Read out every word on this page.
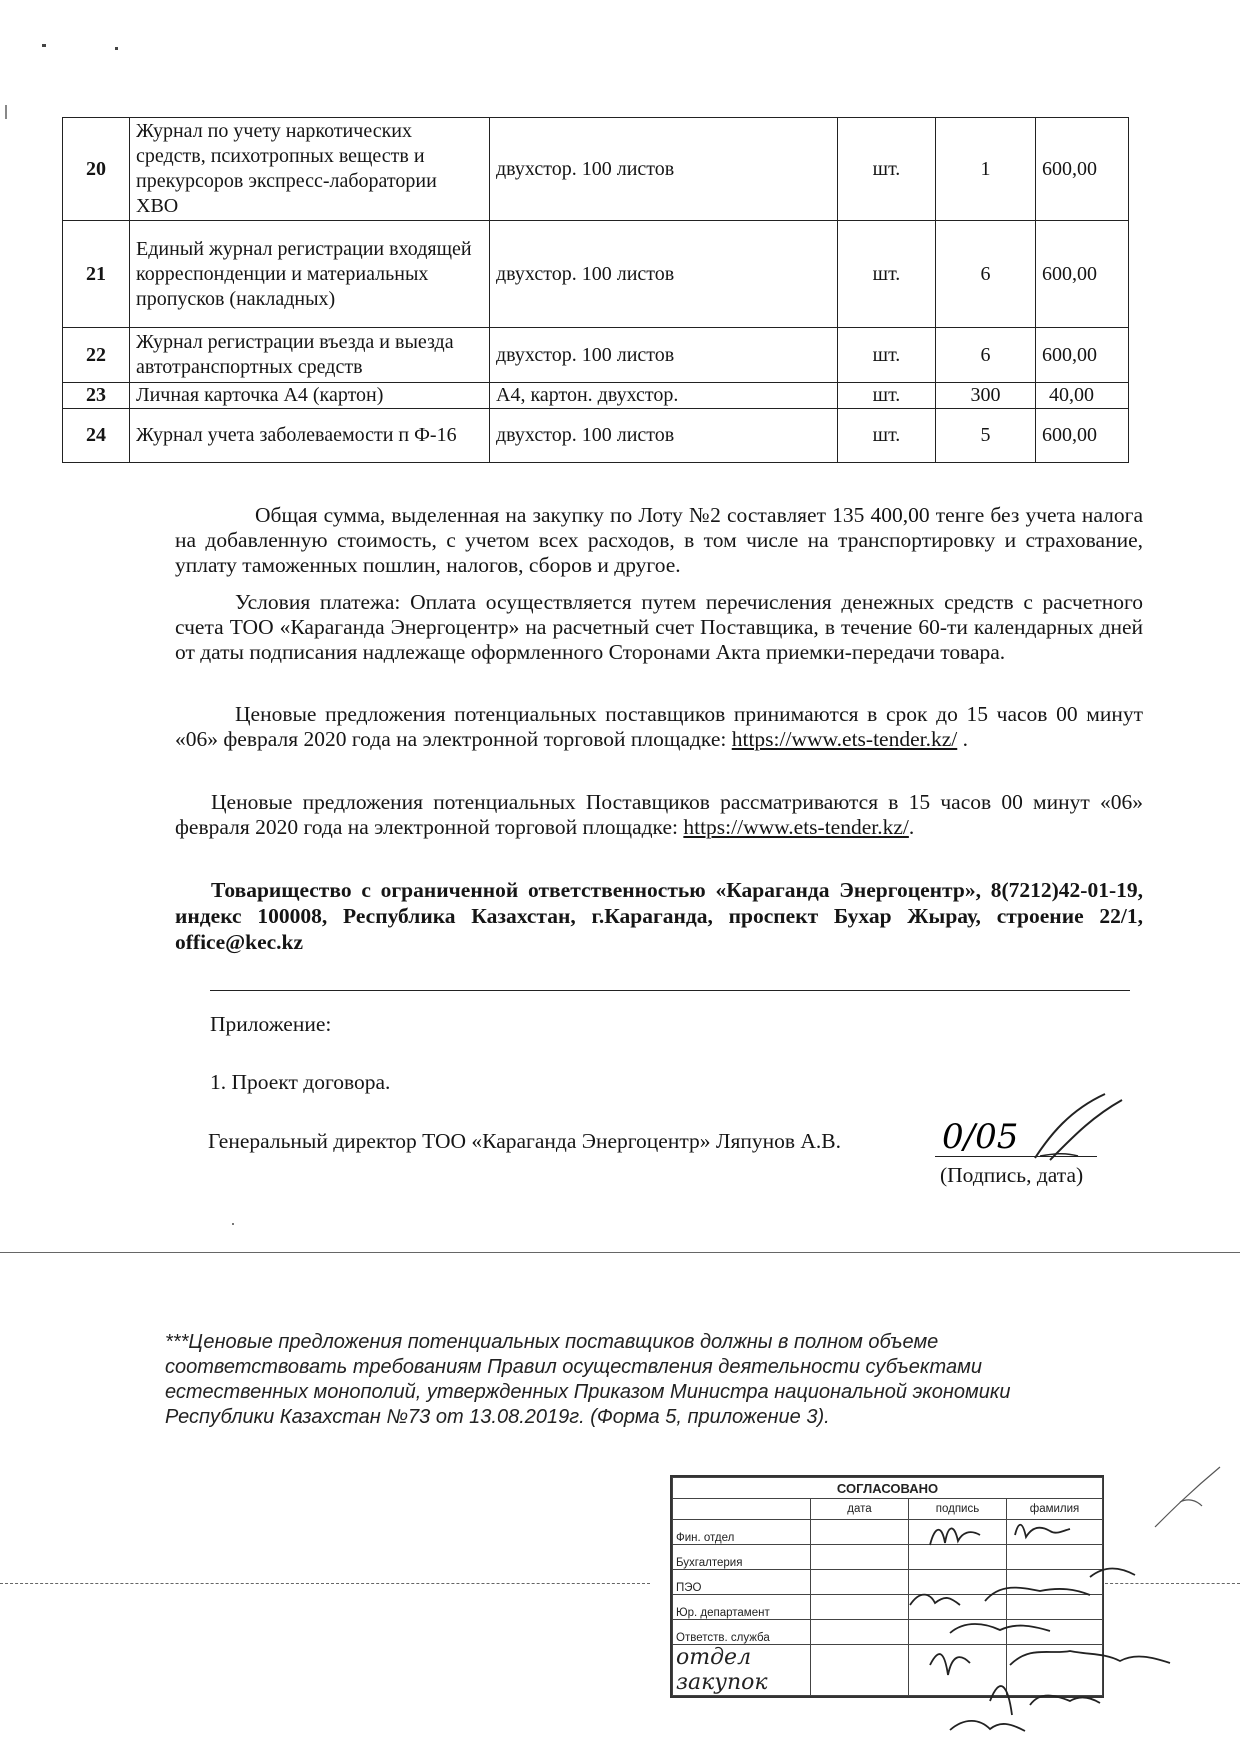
20	Журнал по учету наркотических средств, психотропных веществ и прекурсоров экспресс-лаборатории ХВО	двухстор. 100 листов	шт.	1	600,00
21	Единый журнал регистрации входящей корреспонденции и материальных пропусков (накладных)	двухстор. 100 листов	шт.	6	600,00
22	Журнал регистрации въезда и выезда автотранспортных средств	двухстор. 100 листов	шт.	6	600,00
23	Личная карточка А4 (картон)	А4, картон. двухстор.	шт.	300	40,00
24	Журнал учета заболеваемости п Ф-16	двухстор. 100 листов	шт.	5	600,00
Общая сумма, выделенная на закупку по Лоту №2 составляет 135 400,00 тенге без учета налога на добавленную стоимость, с учетом всех расходов, в том числе на транспортировку и страхование, уплату таможенных пошлин, налогов, сборов и другое.
Условия платежа: Оплата осуществляется путем перечисления денежных средств с расчетного счета ТОО «Караганда Энергоцентр» на расчетный счет Поставщика, в течение 60-ти календарных дней от даты подписания надлежаще оформленного Сторонами Акта приемки-передачи товара.
Ценовые предложения потенциальных поставщиков принимаются в срок до 15 часов 00 минут «06» февраля 2020 года на электронной торговой площадке: https://www.ets-tender.kz/ .
Ценовые предложения потенциальных Поставщиков рассматриваются в 15 часов 00 минут «06» февраля 2020 года на электронной торговой площадке: https://www.ets-tender.kz/.
Товарищество с ограниченной ответственностью «Караганда Энергоцентр», 8(7212)42-01-19, индекс 100008, Республика Казахстан, г.Караганда, проспект Бухар Жырау, строение 22/1, office@kec.kz
Приложение:
1. Проект договора.
Генеральный директор ТОО «Караганда Энергоцентр» Ляпунов А.В.
(Подпись, дата)
0/05
***Ценовые предложения потенциальных поставщиков должны в полном объеме соответствовать требованиям Правил осуществления деятельности субъектами естественных монополий, утвержденных Приказом Министра национальной экономики Республики Казахстан №73 от 13.08.2019г. (Форма 5, приложение 3).
СОГЛАСОВАНО			
	дата	подпись	фамилия
Фин. отдел			
Бухгалтерия			
ПЭО			
Юр. департамент			
Ответств. служба			
отдел закупок			
